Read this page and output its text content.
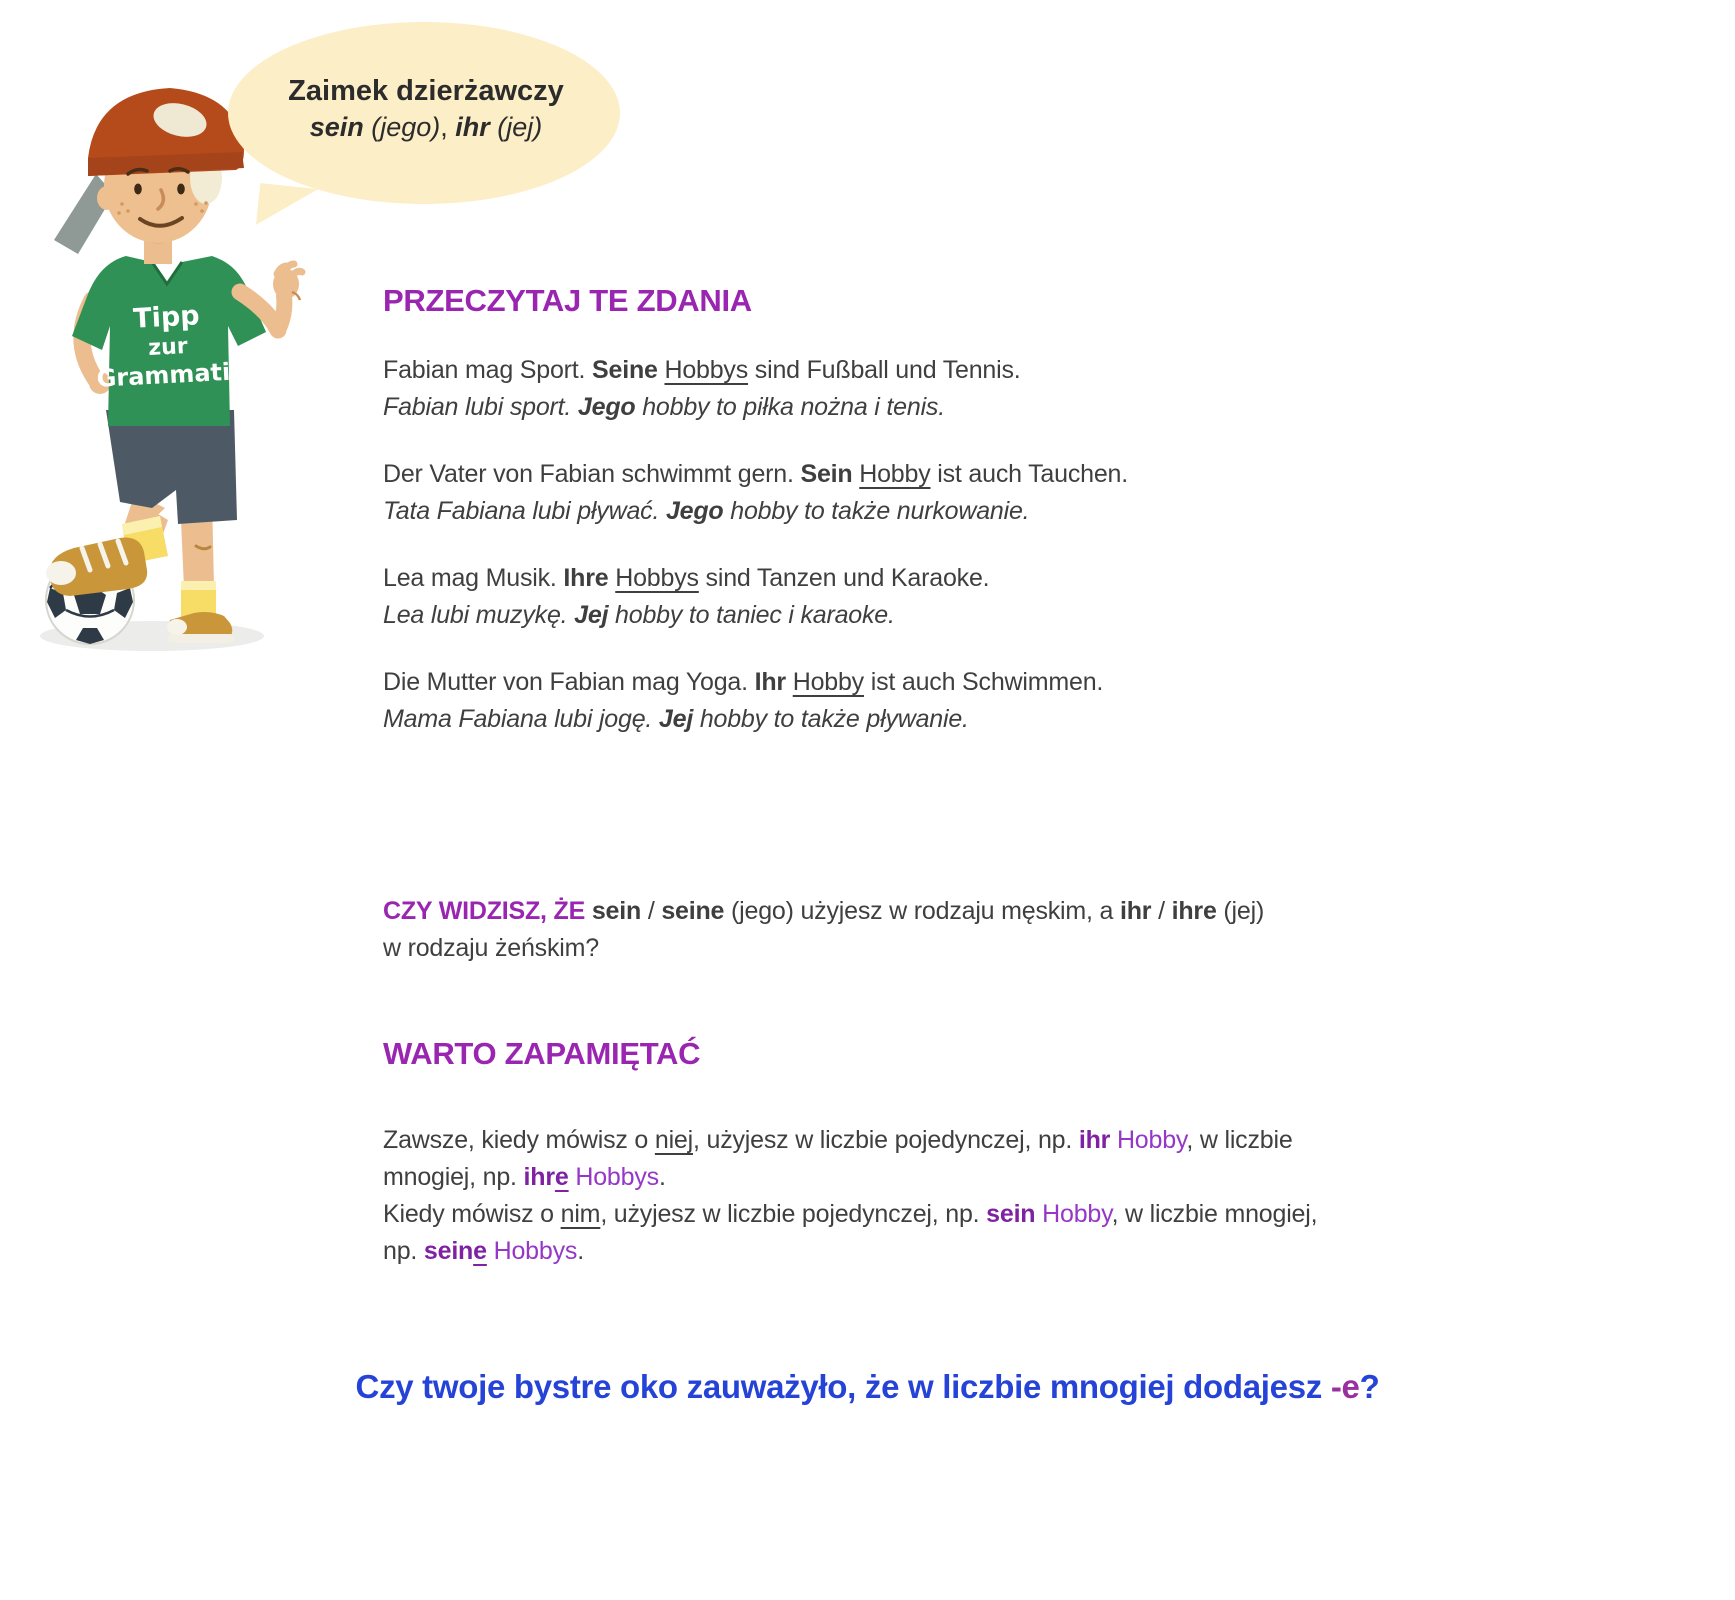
Tipp
zur
Grammatik

Zaimek dzierżawczy

sein (jego), ihr (jej)

PRZECZYTAJ TE ZDANIA

Fabian mag Sport. Seine Hobbys sind Fußball und Tennis.

Fabian lubi sport. Jego hobby to piłka nożna i tenis.

Der Vater von Fabian schwimmt gern. Sein Hobby ist auch Tauchen.

Tata Fabiana lubi pływać. Jego hobby to także nurkowanie.

Lea mag Musik. Ihre Hobbys sind Tanzen und Karaoke.

Lea lubi muzykę. Jej hobby to taniec i karaoke.

Die Mutter von Fabian mag Yoga. Ihr Hobby ist auch Schwimmen.

Mama Fabiana lubi jogę. Jej hobby to także pływanie.

CZY WIDZISZ, ŻE sein / seine (jego) użyjesz w rodzaju męskim, a ihr / ihre (jej)

w rodzaju żeńskim?

WARTO ZAPAMIĘTAĆ

Zawsze, kiedy mówisz o niej, użyjesz w liczbie pojedynczej, np. ihr Hobby, w liczbie

mnogiej, np. ihre Hobbys.

Kiedy mówisz o nim, użyjesz w liczbie pojedynczej, np. sein Hobby, w liczbie mnogiej,

np. seine Hobbys.

Czy twoje bystre oko zauważyło, że w liczbie mnogiej dodajesz -e?
